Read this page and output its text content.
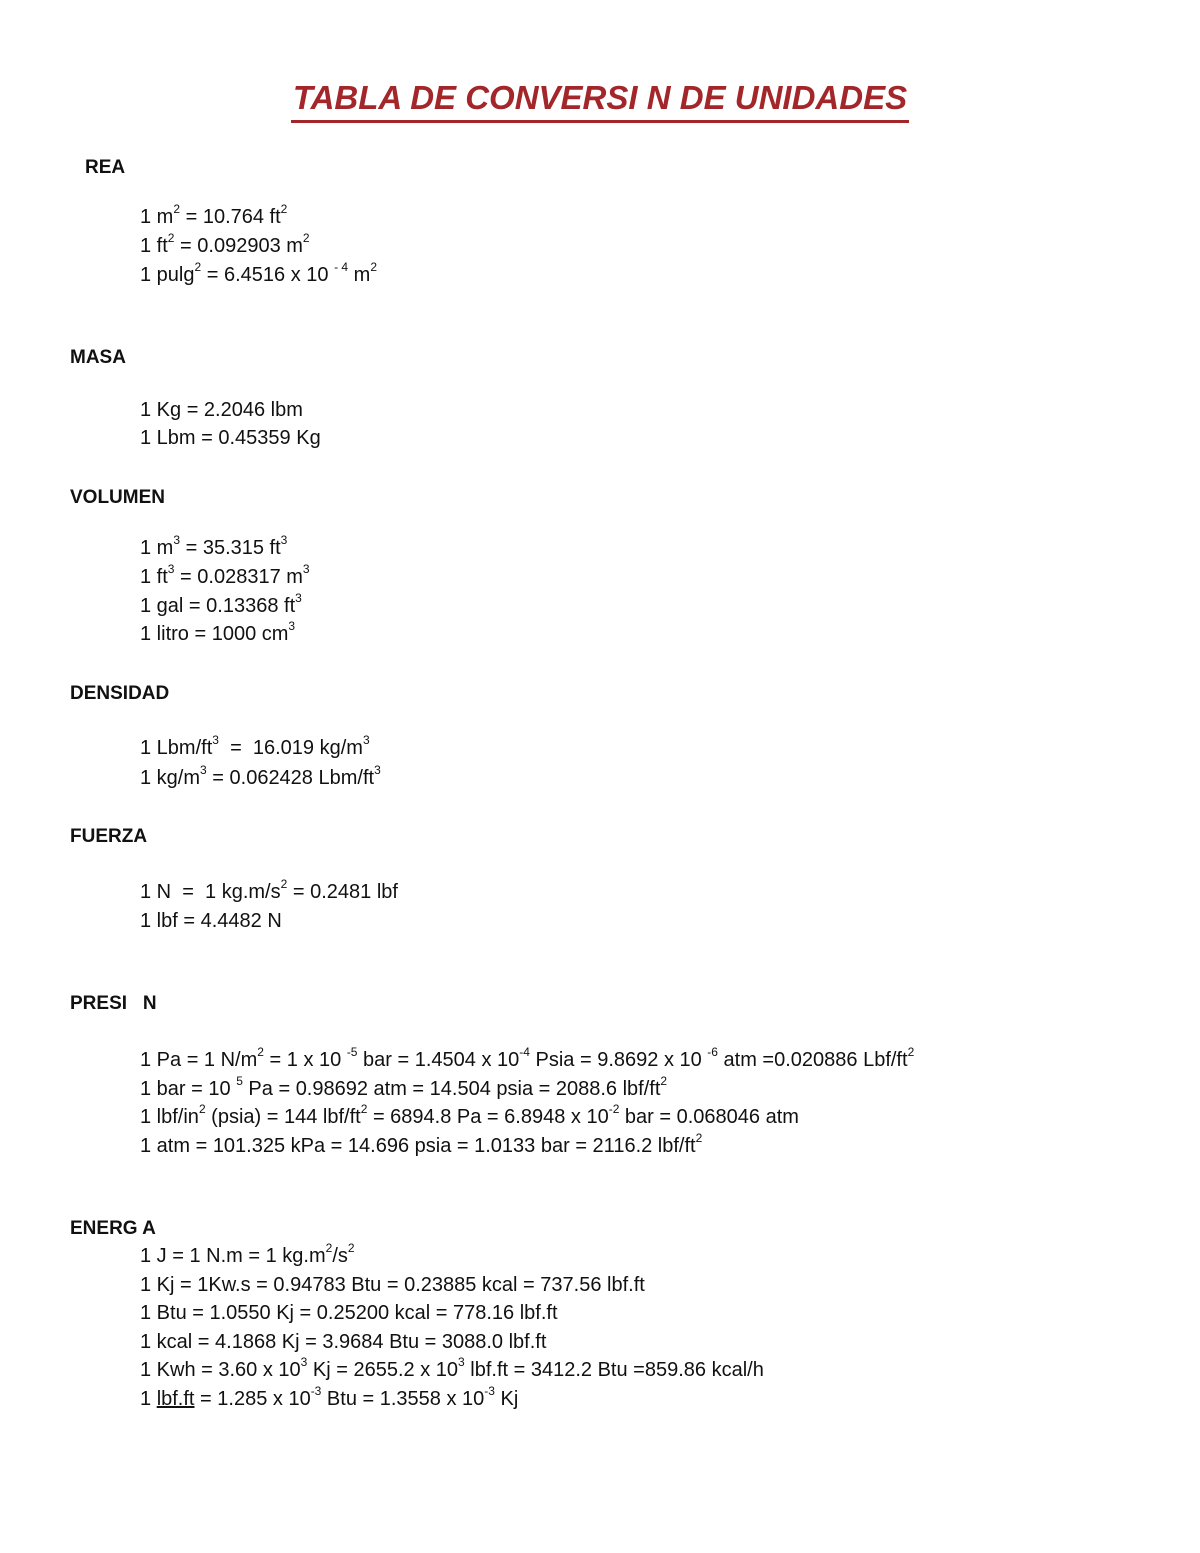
TABLA DE CONVERSI N DE UNIDADES
REA
1 $m^2 = 10.764$ $ft^2$
1 $ft^2 = 0.092903$ $m^2$
1 pulg$^2$ = 6.4516 x 10 $^{- 4}$ $m^2$
MASA
1 Kg = 2.2046 lbm
1 Lbm = 0.45359 Kg
VOLUMEN
1 $m^3 = 35.315$ $ft^3$
1 $ft^3 = 0.028317$ $m^3$
1 gal = 0.13368 $ft^3$
1 litro = 1000 $cm^3$
DENSIDAD
1 Lbm/$ft^3 = 16.019$ $kg/m^3$
1 $kg/m^3 = 0.062428$ Lbm/$ft^3$
FUERZA
1 N  =  1 $kg.m/s^2 = 0.2481$ lbf
1 lbf = 4.4482 N
PRESI   N
1 Pa = 1 $N/m^2 = 1$ x 10 $^{-5}$ bar = 1.4504 x $10^{-4}$ Psia = 9.8692 x 10 $^{-6}$ atm =0.020886 Lbf/$ft^2$
1 bar = 10 $^5$ Pa = 0.98692 atm = 14.504 psia = 2088.6 lbf/$ft^2$
1 lbf/$in^2$ (psia) = 144 lbf/$ft^2 = 6894.8$ Pa = 6.8948 x $10^{-2}$ bar = 0.068046 atm
1 atm = 101.325 kPa = 14.696 psia = 1.0133 bar = 2116.2 lbf/$ft^2$
ENERG A
1 J = 1 N.m = 1 $kg.m^2/s^2$
1 Kj = 1Kw.s = 0.94783 Btu = 0.23885 kcal = 737.56 lbf.ft
1 Btu = 1.0550 Kj = 0.25200 kcal = 778.16 lbf.ft
1 kcal = 4.1868 Kj = 3.9684 Btu = 3088.0 lbf.ft
1 Kwh = 3.60 x $10^3$ Kj = 2655.2 x $10^3$ lbf.ft = 3412.2 Btu =859.86 kcal/h
1 lbf.ft = 1.285 x $10^{-3}$ Btu = 1.3558 x $10^{-3}$ Kj
